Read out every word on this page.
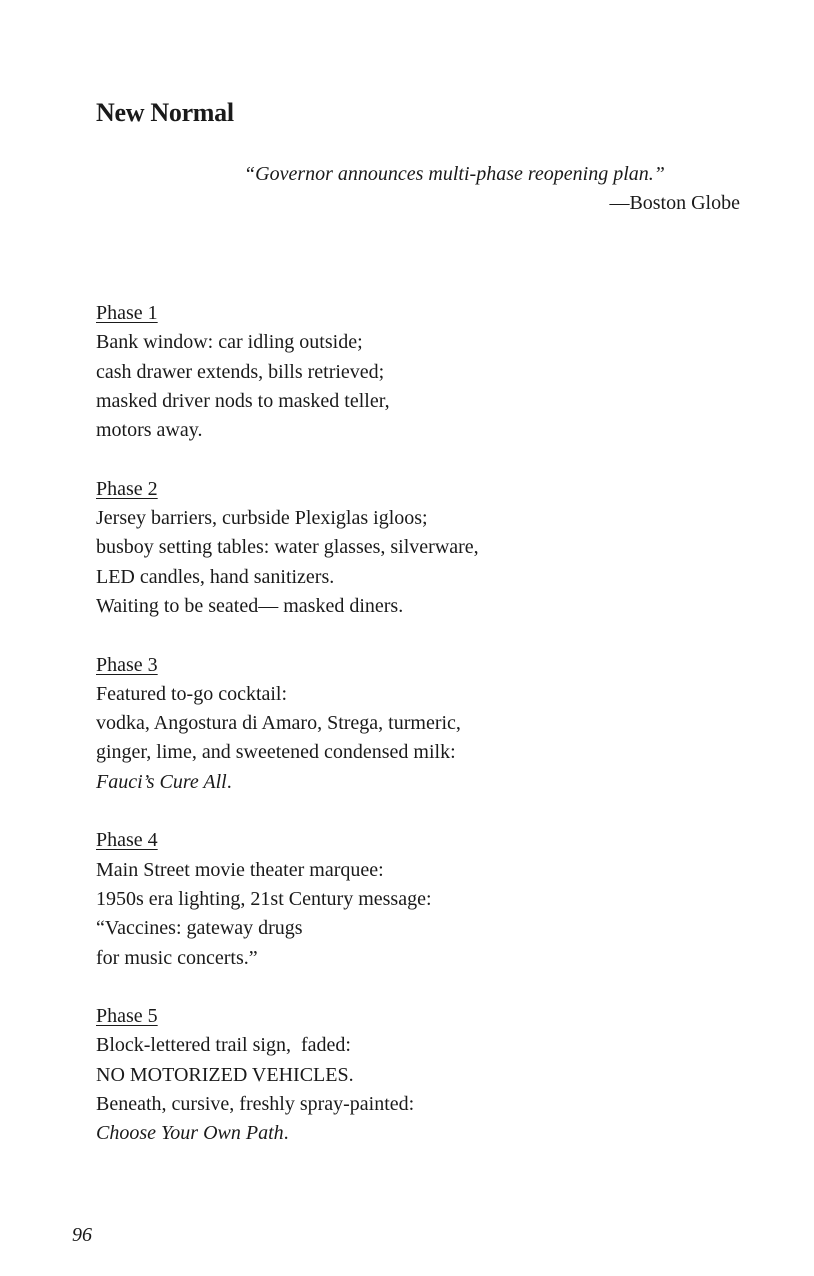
New Normal
“Governor announces multi-phase reopening plan.”
—Boston Globe
Phase 1
Bank window: car idling outside;
cash drawer extends, bills retrieved;
masked driver nods to masked teller,
motors away.
Phase 2
Jersey barriers, curbside Plexiglas igloos;
busboy setting tables: water glasses, silverware,
LED candles, hand sanitizers.
Waiting to be seated— masked diners.
Phase 3
Featured to-go cocktail:
vodka, Angostura di Amaro, Strega, turmeric,
ginger, lime, and sweetened condensed milk:
Fauci’s Cure All.
Phase 4
Main Street movie theater marquee:
1950s era lighting, 21st Century message:
“Vaccines: gateway drugs
for music concerts.”
Phase 5
Block-lettered trail sign,  faded:
NO MOTORIZED VEHICLES.
Beneath, cursive, freshly spray-painted:
Choose Your Own Path.
96
